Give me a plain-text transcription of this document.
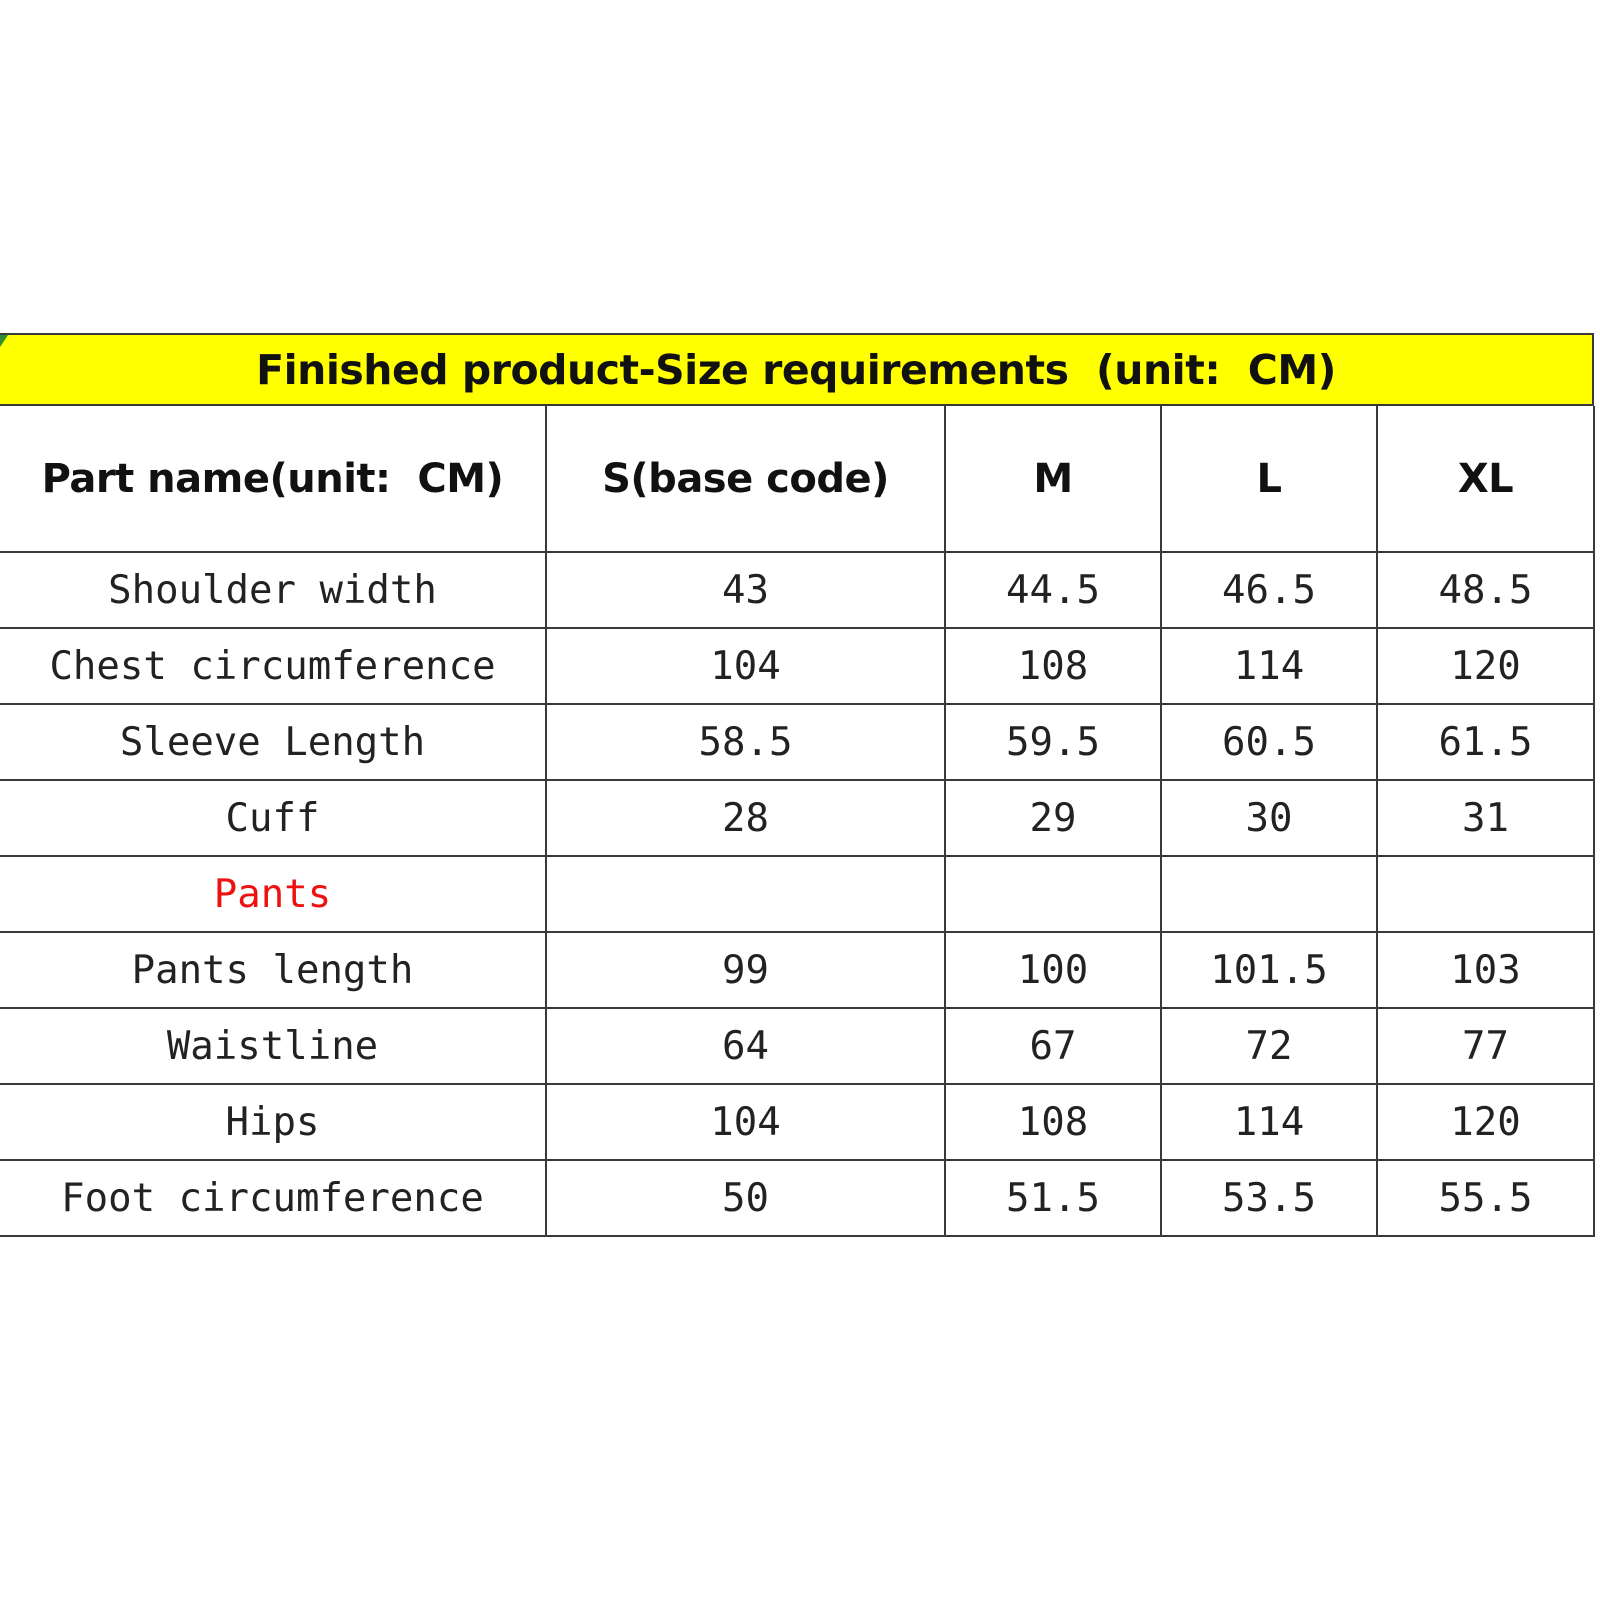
Finished product-Size requirements  (unit:  CM)
Part name(unit:  CM)	S(base code)	M	L	XL
Shoulder width	43	44.5	46.5	48.5
Chest circumference	104	108	114	120
Sleeve Length	58.5	59.5	60.5	61.5
Cuff	28	29	30	31
Pants				
Pants length	99	100	101.5	103
Waistline	64	67	72	77
Hips	104	108	114	120
Foot circumference	50	51.5	53.5	55.5
